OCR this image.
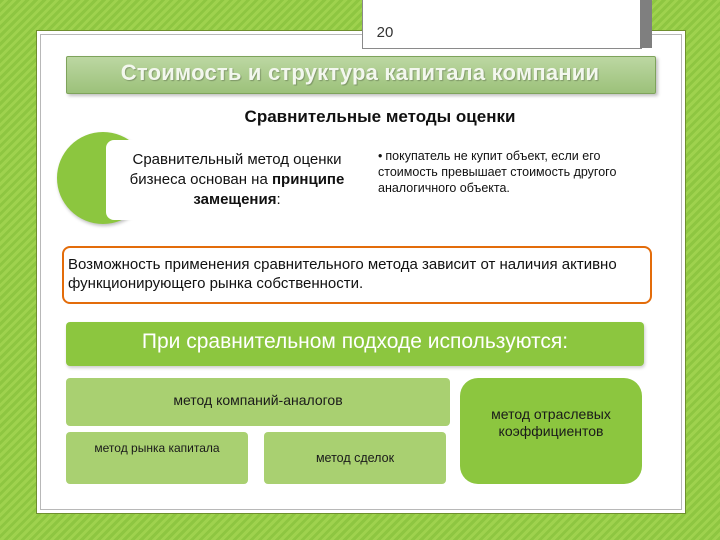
20
Стоимость и структура капитала компании
Сравнительные методы оценки
Сравнительный метод оценки бизнеса основан на принципе замещения:
• покупатель не купит объект, если его стоимость превышает стоимость другого аналогичного объекта.
Возможность применения сравнительного метода зависит от наличия активно функционирующего рынка собственности.
При сравнительном подходе используются:
метод компаний-аналогов
метод рынка капитала
метод сделок
метод отраслевых коэффициентов
